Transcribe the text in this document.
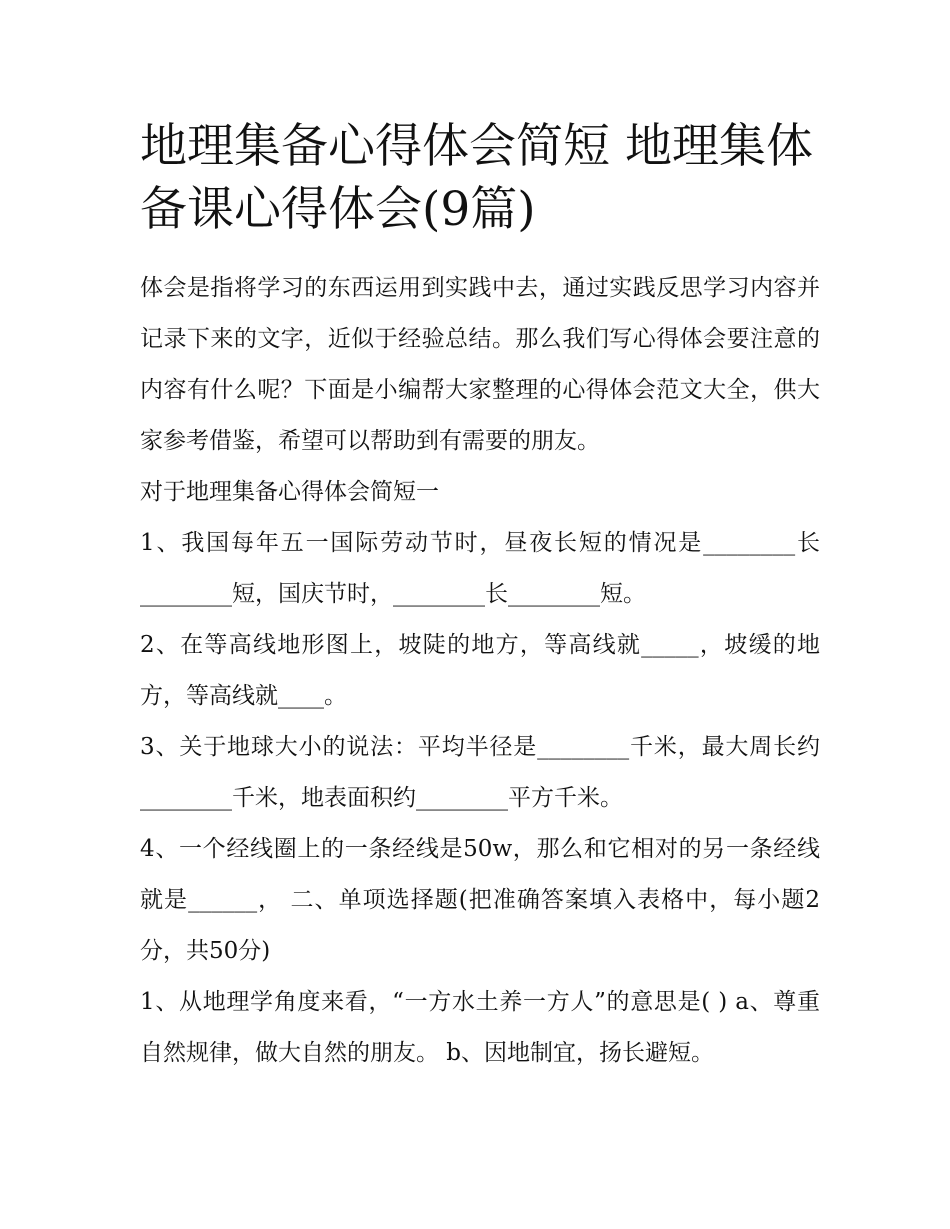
地理集备心得体会简短 地理集体备课心得体会(9篇)

体会是指将学习的东西运用到实践中去，通过实践反思学习内容并记录下来的文字，近似于经验总结。那么我们写心得体会要注意的内容有什么呢？下面是小编帮大家整理的心得体会范文大全，供大家参考借鉴，希望可以帮助到有需要的朋友。

对于地理集备心得体会简短一

1、我国每年五一国际劳动节时，昼夜长短的情况是________长________短，国庆节时，________长________短。

2、在等高线地形图上，坡陡的地方，等高线就_____，坡缓的地方，等高线就____。

3、关于地球大小的说法：平均半径是________千米，最大周长约________千米，地表面积约________平方千米。

4、一个经线圈上的一条经线是50w，那么和它相对的另一条经线就是______， 二、单项选择题(把准确答案填入表格中，每小题2分，共50分)

1、从地理学角度来看，“一方水土养一方人”的意思是( ) a、尊重自然规律，做大自然的朋友。 b、因地制宜，扬长避短。
